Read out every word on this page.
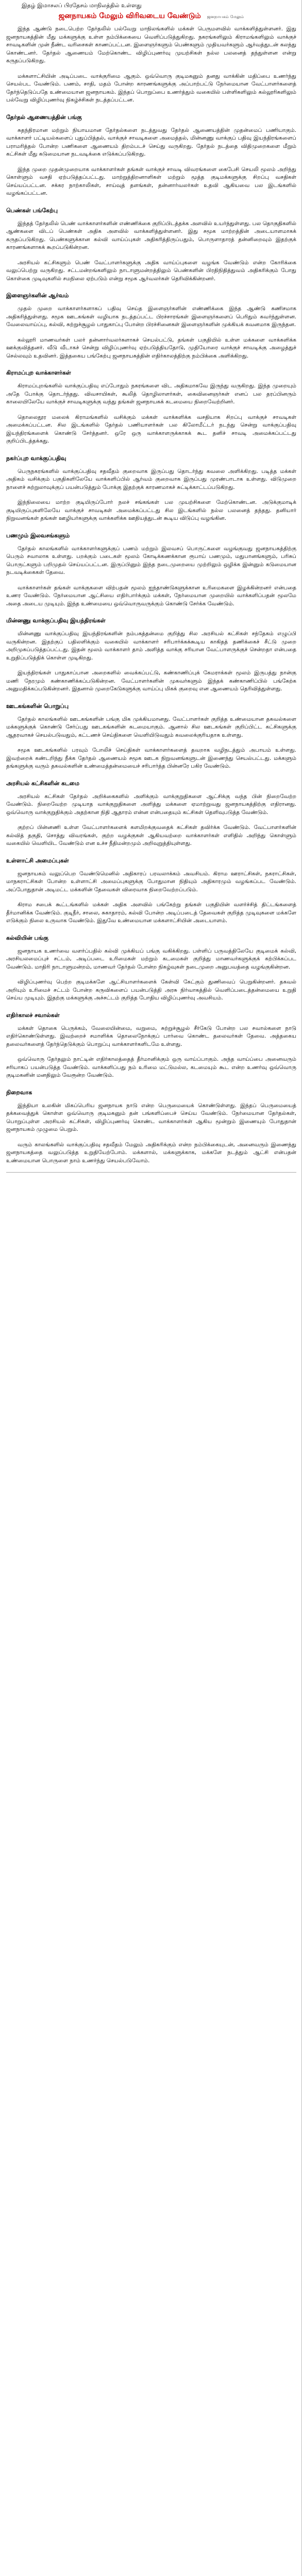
இதழ் இமாசலப் பிரதேசம் மாநிலத்தில் உள்ளது
ஜனநாயகம் மேலும் விரிவடைய வேண்டும் ஜனநாயகம் மேலும்

இந்த ஆண்டு நடைபெற்ற தேர்தலில் பல்வேறு மாநிலங்களில் மக்கள் பெருமளவில் வாக்களித்துள்ளனர். இது ஜனநாயகத்தின் மீது மக்களுக்கு உள்ள நம்பிக்கையை வெளிப்படுத்துகிறது. நகரங்களிலும் கிராமங்களிலும் வாக்குச் சாவடிகளின் முன் நீண்ட வரிசைகள் காணப்பட்டன. இளைஞர்களும் பெண்களும் முதியவர்களும் ஆர்வத்துடன் கலந்து கொண்டனர். தேர்தல் ஆணையம் மேற்கொண்ட விழிப்புணர்வு முயற்சிகள் நல்ல பலனைத் தந்துள்ளன என்று கருதப்படுகிறது.

மக்களாட்சியின் அடிப்படை வாக்குரிமை ஆகும். ஒவ்வொரு குடிமகனும் தனது வாக்கின் மதிப்பை உணர்ந்து செயல்பட வேண்டும். பணம், சாதி, மதம் போன்ற காரணங்களுக்கு அப்பாற்பட்டு நேர்மையான வேட்பாளர்களைத் தேர்ந்தெடுப்பதே உண்மையான ஜனநாயகம். இந்தப் பொறுப்பை உணர்த்தும் வகையில் பள்ளிகளிலும் கல்லூரிகளிலும் பல்வேறு விழிப்புணர்வு நிகழ்ச்சிகள் நடத்தப்பட்டன.

தேர்தல் ஆணையத்தின் பங்கு

சுதந்திரமான மற்றும் நியாயமான தேர்தல்களை நடத்துவது தேர்தல் ஆணையத்தின் முதன்மைப் பணியாகும். வாக்காளர் பட்டியல்களைப் புதுப்பித்தல், வாக்குச் சாவடிகளை அமைத்தல், மின்னணு வாக்குப் பதிவு இயந்திரங்களைப் பராமரித்தல் போன்ற பணிகளை ஆணையம் திறம்படச் செய்து வருகிறது. தேர்தல் நடத்தை விதிமுறைகளை மீறும் கட்சிகள் மீது கடுமையான நடவடிக்கை எடுக்கப்படுகிறது.

இந்த முறை முதன்முறையாக வாக்காளர்கள் தங்கள் வாக்குச் சாவடி விவரங்களை கைபேசி செயலி மூலம் அறிந்து கொள்ளும் வசதி ஏற்படுத்தப்பட்டது. மாற்றுத்திறனாளிகள் மற்றும் மூத்த குடிமக்களுக்கு சிறப்பு வசதிகள் செய்யப்பட்டன. சக்கர நாற்காலிகள், சாய்வுத் தளங்கள், தன்னார்வலர்கள் உதவி ஆகியவை பல இடங்களில் வழங்கப்பட்டன.

பெண்கள் பங்கேற்பு

இந்தத் தேர்தலில் பெண் வாக்காளர்களின் எண்ணிக்கை குறிப்பிடத்தக்க அளவில் உயர்ந்துள்ளது. பல தொகுதிகளில் ஆண்களை விடப் பெண்கள் அதிக அளவில் வாக்களித்துள்ளனர். இது சமூக மாற்றத்தின் அடையாளமாகக் கருதப்படுகிறது. பெண்களுக்கான கல்வி வாய்ப்புகள் அதிகரித்திருப்பதும், பொருளாதாரத் தன்னிறைவும் இதற்குக் காரணங்களாகக் கூறப்படுகின்றன.

அரசியல் கட்சிகளும் பெண் வேட்பாளர்களுக்கு அதிக வாய்ப்புகளை வழங்க வேண்டும் என்ற கோரிக்கை வலுப்பெற்று வருகிறது. சட்டமன்றங்களிலும் நாடாளுமன்றத்திலும் பெண்களின் பிரதிநிதித்துவம் அதிகரிக்கும் போது கொள்கை முடிவுகளில் சமநிலை ஏற்படும் என்று சமூக ஆர்வலர்கள் தெரிவிக்கின்றனர்.

இளைஞர்களின் ஆர்வம்

முதல் முறை வாக்காளர்களாகப் பதிவு செய்த இளைஞர்களின் எண்ணிக்கை இந்த ஆண்டு கணிசமாக அதிகரித்துள்ளது. சமூக ஊடகங்கள் வழியாக நடத்தப்பட்ட பிரச்சாரங்கள் இளைஞர்களைப் பெரிதும் கவர்ந்துள்ளன. வேலைவாய்ப்பு, கல்வி, சுற்றுச்சூழல் பாதுகாப்பு போன்ற பிரச்சினைகள் இளைஞர்களின் முக்கியக் கவனமாக இருந்தன.

கல்லூரி மாணவர்கள் பலர் தன்னார்வலர்களாகச் செயல்பட்டு, தங்கள் பகுதியில் உள்ள மக்களை வாக்களிக்க ஊக்குவித்தனர். வீடு வீடாகச் சென்று விழிப்புணர்வு ஏற்படுத்தியதோடு, முதியோரை வாக்குச் சாவடிக்கு அழைத்துச் செல்லவும் உதவினர். இத்தகைய பங்கேற்பு ஜனநாயகத்தின் எதிர்காலத்திற்கு நம்பிக்கை அளிக்கிறது.

கிராமப்புற வாக்காளர்கள்

கிராமப்புறங்களில் வாக்குப்பதிவு எப்போதும் நகரங்களை விட அதிகமாகவே இருந்து வருகிறது. இந்த முறையும் அதே போக்கு தொடர்ந்தது. விவசாயிகள், கூலித் தொழிலாளர்கள், கைவினைஞர்கள் எனப் பல தரப்பினரும் காலையிலேயே வாக்குச் சாவடிகளுக்கு வந்து தங்கள் ஜனநாயகக் கடமையை நிறைவேற்றினர்.

தொலைதூர மலைக் கிராமங்களில் வசிக்கும் மக்கள் வாக்களிக்க வசதியாக சிறப்பு வாக்குச் சாவடிகள் அமைக்கப்பட்டன. சில இடங்களில் தேர்தல் பணியாளர்கள் பல கிலோமீட்டர் நடந்து சென்று வாக்குப்பதிவு இயந்திரங்களைக் கொண்டு சேர்த்தனர். ஒரே ஒரு வாக்காளருக்காகக் கூட தனிச் சாவடி அமைக்கப்பட்டது குறிப்பிடத்தக்கது.

நகர்ப்புற வாக்குப்பதிவு

பெருநகரங்களில் வாக்குப்பதிவு சதவீதம் குறைவாக இருப்பது தொடர்ந்து கவலை அளிக்கிறது. படித்த மக்கள் அதிகம் வசிக்கும் பகுதிகளிலேயே வாக்களிப்பில் ஆர்வம் குறைவாக இருப்பது முரண்பாடாக உள்ளது. விடுமுறை நாளைச் சுற்றுலாவுக்குப் பயன்படுத்தும் போக்கு இதற்குக் காரணமாகச் சுட்டிக்காட்டப்படுகிறது.

இந்நிலையை மாற்ற குடியிருப்போர் நலச் சங்கங்கள் பல முயற்சிகளை மேற்கொண்டன. அடுக்குமாடிக் குடியிருப்புகளிலேயே வாக்குச் சாவடிகள் அமைக்கப்பட்டது சில இடங்களில் நல்ல பலனைத் தந்தது. தனியார் நிறுவனங்கள் தங்கள் ஊழியர்களுக்கு வாக்களிக்க ஊதியத்துடன் கூடிய விடுப்பு வழங்கின.

பணமும் இலவசங்களும்

தேர்தல் காலங்களில் வாக்காளர்களுக்குப் பணம் மற்றும் இலவசப் பொருட்களை வழங்குவது ஜனநாயகத்திற்கு பெரும் சவாலாக உள்ளது. பறக்கும் படைகள் மூலம் கோடிக்கணக்கான ரூபாய் பணமும், மதுபானங்களும், பரிசுப் பொருட்களும் பறிமுதல் செய்யப்பட்டன. இருப்பினும் இந்த நடைமுறையை முற்றிலும் ஒழிக்க இன்னும் கடுமையான நடவடிக்கைகள் தேவை.

வாக்காளர்கள் தங்கள் வாக்குகளை விற்பதன் மூலம் ஐந்தாண்டுகளுக்கான உரிமைகளை இழக்கின்றனர் என்பதை உணர வேண்டும். நேர்மையான ஆட்சியை எதிர்பார்க்கும் மக்கள், நேர்மையான முறையில் வாக்களிப்பதன் மூலமே அதை அடைய முடியும். இந்த உண்மையை ஒவ்வொருவருக்கும் கொண்டு சேர்க்க வேண்டும்.

மின்னணு வாக்குப்பதிவு இயந்திரங்கள்

மின்னணு வாக்குப்பதிவு இயந்திரங்களின் நம்பகத்தன்மை குறித்து சில அரசியல் கட்சிகள் சந்தேகம் எழுப்பி வருகின்றன. இதற்குப் பதிலளிக்கும் வகையில் வாக்காளர் சரிபார்க்கக்கூடிய காகிதத் தணிக்கைச் சீட்டு முறை அறிமுகப்படுத்தப்பட்டது. இதன் மூலம் வாக்காளர் தாம் அளித்த வாக்கு சரியான வேட்பாளருக்குச் சென்றதா என்பதை உறுதிப்படுத்திக் கொள்ள முடிகிறது.

இயந்திரங்கள் பாதுகாப்பான அறைகளில் வைக்கப்பட்டு, கண்காணிப்புக் கேமராக்கள் மூலம் இருபத்து நான்கு மணி நேரமும் கண்காணிக்கப்படுகின்றன. வேட்பாளர்களின் முகவர்களும் இந்தக் கண்காணிப்பில் பங்கேற்க அனுமதிக்கப்படுகின்றனர். இதனால் முறைகேடுகளுக்கு வாய்ப்பு மிகக் குறைவு என ஆணையம் தெரிவித்துள்ளது.

ஊடகங்களின் பொறுப்பு

தேர்தல் காலங்களில் ஊடகங்களின் பங்கு மிக முக்கியமானது. வேட்பாளர்கள் குறித்த உண்மையான தகவல்களை மக்களுக்குக் கொண்டு சேர்ப்பது ஊடகங்களின் கடமையாகும். ஆனால் சில ஊடகங்கள் குறிப்பிட்ட கட்சிகளுக்கு ஆதரவாகச் செயல்படுவதும், கட்டணச் செய்திகளை வெளியிடுவதும் கவலைக்குரியதாக உள்ளது.

சமூக ஊடகங்களில் பரவும் போலிச் செய்திகள் வாக்காளர்களைத் தவறாக வழிநடத்தும் அபாயம் உள்ளது. இவற்றைக் கண்டறிந்து நீக்க தேர்தல் ஆணையம் சமூக ஊடக நிறுவனங்களுடன் இணைந்து செயல்பட்டது. மக்களும் தங்களுக்கு வரும் தகவல்களின் உண்மைத்தன்மையைச் சரிபார்த்த பின்னரே பகிர வேண்டும்.

அரசியல் கட்சிகளின் கடமை

அரசியல் கட்சிகள் தேர்தல் அறிக்கைகளில் அளிக்கும் வாக்குறுதிகளை ஆட்சிக்கு வந்த பின் நிறைவேற்ற வேண்டும். நிறைவேற்ற முடியாத வாக்குறுதிகளை அளித்து மக்களை ஏமாற்றுவது ஜனநாயகத்திற்கு எதிரானது. ஒவ்வொரு வாக்குறுதிக்கும் அதற்கான நிதி ஆதாரம் என்ன என்பதையும் கட்சிகள் தெளிவுபடுத்த வேண்டும்.

குற்றப் பின்னணி உள்ள வேட்பாளர்களைக் களமிறக்குவதைக் கட்சிகள் தவிர்க்க வேண்டும். வேட்பாளர்களின் கல்வித் தகுதி, சொத்து விவரங்கள், குற்ற வழக்குகள் ஆகியவற்றை வாக்காளர்கள் எளிதில் அறிந்து கொள்ளும் வகையில் வெளியிட வேண்டும் என உச்ச நீதிமன்றமும் அறிவுறுத்தியுள்ளது.

உள்ளாட்சி அமைப்புகள்

ஜனநாயகம் வலுப்பெற வேண்டுமெனில் அதிகாரப் பரவலாக்கம் அவசியம். கிராம ஊராட்சிகள், நகராட்சிகள், மாநகராட்சிகள் போன்ற உள்ளாட்சி அமைப்புகளுக்கு போதுமான நிதியும் அதிகாரமும் வழங்கப்பட வேண்டும். அப்போதுதான் அடிமட்ட மக்களின் தேவைகள் விரைவாக நிறைவேற்றப்படும்.

கிராம சபைக் கூட்டங்களில் மக்கள் அதிக அளவில் பங்கேற்று தங்கள் பகுதியின் வளர்ச்சித் திட்டங்களைத் தீர்மானிக்க வேண்டும். குடிநீர், சாலை, சுகாதாரம், கல்வி போன்ற அடிப்படைத் தேவைகள் குறித்த முடிவுகளை மக்களே எடுக்கும் நிலை உருவாக வேண்டும். இதுவே உண்மையான மக்களாட்சியின் அடையாளம்.

கல்வியின் பங்கு

ஜனநாயக உணர்வை வளர்ப்பதில் கல்வி முக்கியப் பங்கு வகிக்கிறது. பள்ளிப் பருவத்திலேயே குடிமைக் கல்வி, அரசியலமைப்புச் சட்டம், அடிப்படை உரிமைகள் மற்றும் கடமைகள் குறித்து மாணவர்களுக்குக் கற்பிக்கப்பட வேண்டும். மாதிரி நாடாளுமன்றம், மாணவர் தேர்தல் போன்ற நிகழ்வுகள் நடைமுறை அனுபவத்தை வழங்குகின்றன.

விழிப்புணர்வு பெற்ற குடிமக்களே ஆட்சியாளர்களைக் கேள்வி கேட்கும் துணிவைப் பெறுகின்றனர். தகவல் அறியும் உரிமைச் சட்டம் போன்ற கருவிகளைப் பயன்படுத்தி அரசு நிர்வாகத்தில் வெளிப்படைத்தன்மையை உறுதி செய்ய முடியும். இதற்கு மக்களுக்கு அச்சட்டம் குறித்த போதிய விழிப்புணர்வு அவசியம்.

எதிர்காலச் சவால்கள்

மக்கள் தொகை பெருக்கம், வேலையின்மை, வறுமை, சுற்றுச்சூழல் சீர்கேடு போன்ற பல சவால்களை நாடு எதிர்கொண்டுள்ளது. இவற்றைச் சமாளிக்க தொலைநோக்குப் பார்வை கொண்ட தலைவர்கள் தேவை. அத்தகைய தலைவர்களைத் தேர்ந்தெடுக்கும் பொறுப்பு வாக்காளர்களிடமே உள்ளது.

ஒவ்வொரு தேர்தலும் நாட்டின் எதிர்காலத்தைத் தீர்மானிக்கும் ஒரு வாய்ப்பாகும். அந்த வாய்ப்பை அனைவரும் சரியாகப் பயன்படுத்த வேண்டும். வாக்களிப்பது நம் உரிமை மட்டுமல்ல, கடமையும் கூட என்ற உணர்வு ஒவ்வொரு குடிமகனின் மனதிலும் வேரூன்ற வேண்டும்.

நிறைவாக

இந்தியா உலகின் மிகப்பெரிய ஜனநாயக நாடு என்ற பெருமையைக் கொண்டுள்ளது. இந்தப் பெருமையைத் தக்கவைத்துக் கொள்ள ஒவ்வொரு குடிமகனும் தன் பங்களிப்பைச் செய்ய வேண்டும். நேர்மையான தேர்தல்கள், பொறுப்புள்ள அரசியல் கட்சிகள், விழிப்புணர்வு கொண்ட வாக்காளர்கள் ஆகிய மூன்றும் இணையும் போதுதான் ஜனநாயகம் முழுமை பெறும்.

வரும் காலங்களில் வாக்குப்பதிவு சதவீதம் மேலும் அதிகரிக்கும் என்ற நம்பிக்கையுடன், அனைவரும் இணைந்து ஜனநாயகத்தை வலுப்படுத்த உறுதியேற்போம். மக்களால், மக்களுக்காக, மக்களே நடத்தும் ஆட்சி என்பதன் உண்மையான பொருளை நாம் உணர்ந்து செயல்படுவோம்.
